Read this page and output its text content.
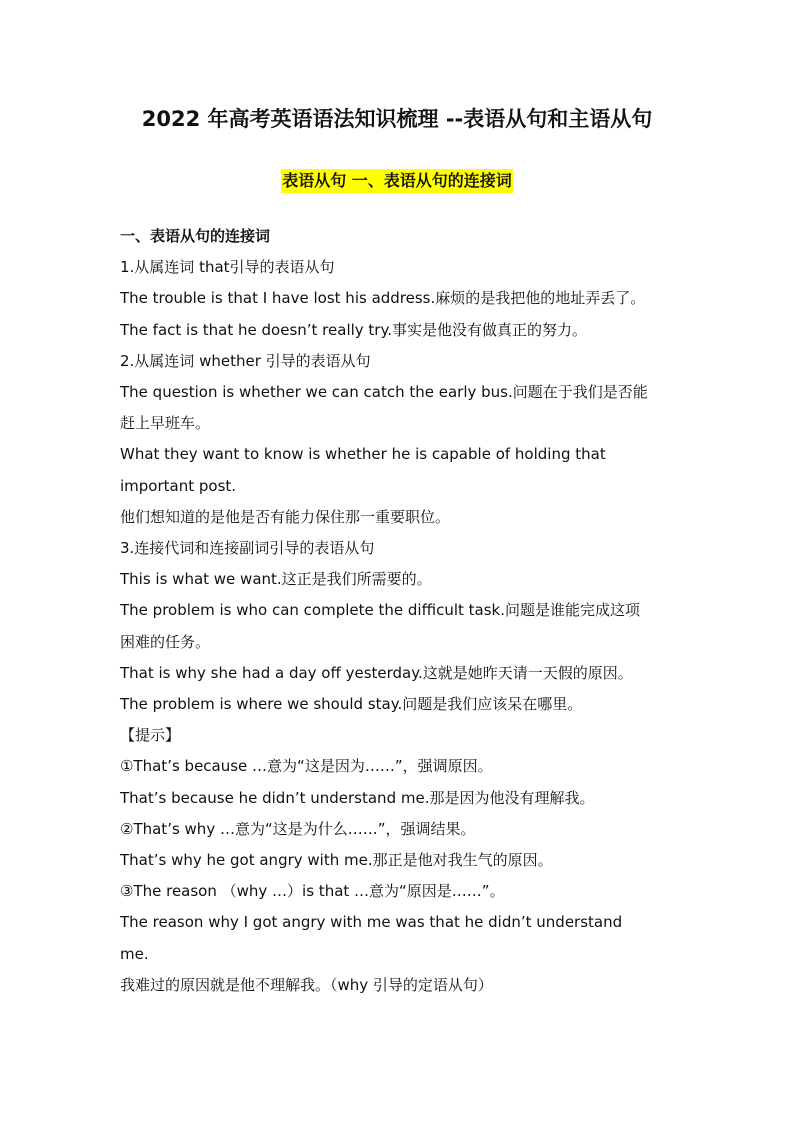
2022 年高考英语语法知识梳理 --表语从句和主语从句
表语从句 一、表语从句的连接词
一、表语从句的连接词
1.从属连词 that引导的表语从句
The trouble is that I have lost his address.麻烦的是我把他的地址弄丢了。
The fact is that he doesn’t really try.事实是他没有做真正的努力。
2.从属连词 whether 引导的表语从句
The question is whether we can catch the early bus.问题在于我们是否能
赶上早班车。
What they want to know is whether he is capable of holding that
important post.
他们想知道的是他是否有能力保住那一重要职位。
3.连接代词和连接副词引导的表语从句
This is what we want.这正是我们所需要的。
The problem is who can complete the difficult task.问题是谁能完成这项
困难的任务。
That is why she had a day off yesterday.这就是她昨天请一天假的原因。
The problem is where we should stay.问题是我们应该呆在哪里。
【提示】
①That’s because …意为“这是因为……”，强调原因。
That’s because he didn’t understand me.那是因为他没有理解我。
②That’s why …意为“这是为什么……”，强调结果。
That’s why he got angry with me.那正是他对我生气的原因。
③The reason （why …）is that …意为“原因是……”。
The reason why I got angry with me was that he didn’t understand
me.
我难过的原因就是他不理解我。（why 引导的定语从句）
